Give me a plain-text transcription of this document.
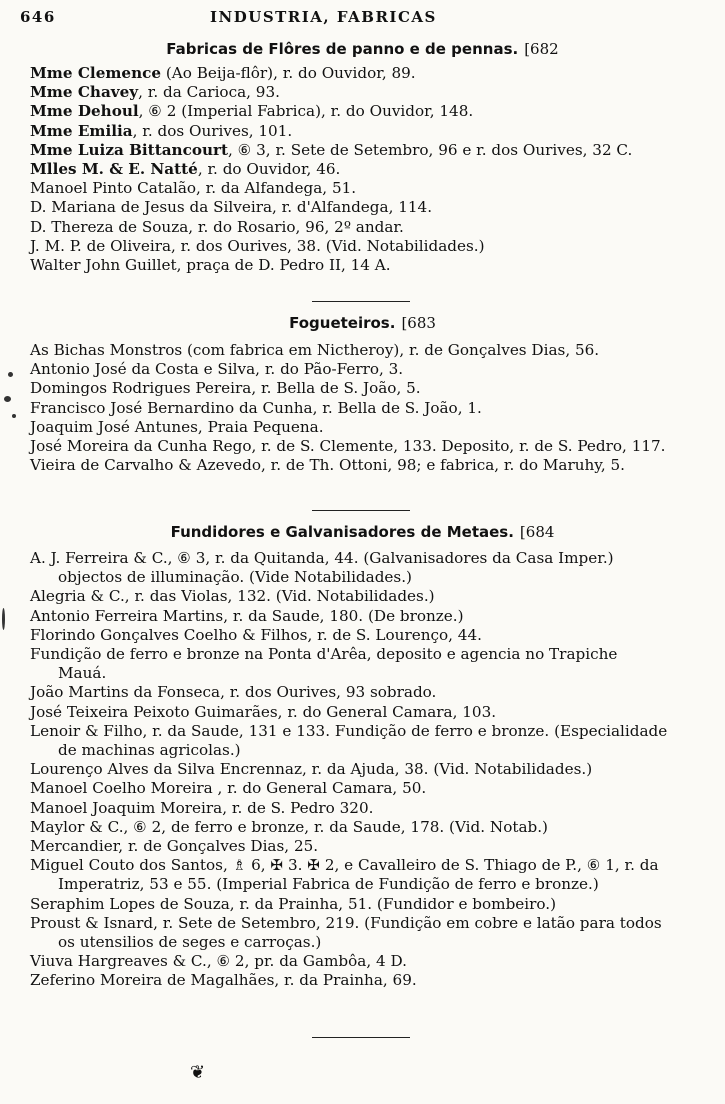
646	INDUSTRIA, FABRICAS
Fabricas de Flôres de panno e de pennas. [682
Mme Clemence (Ao Beija-flôr), r. do Ouvidor, 89.
Mme Chavey, r. da Carioca, 93.
Mme Dehoul, ⑥ 2 (Imperial Fabrica), r. do Ouvidor, 148.
Mme Emilia, r. dos Ourives, 101.
Mme Luiza Bittancourt, ⑥ 3, r. Sete de Setembro, 96 e r. dos Ourives, 32 C.
Mlles M. & E. Natté, r. do Ouvidor, 46.
Manoel Pinto Catalão, r. da Alfandega, 51.
D. Mariana de Jesus da Silveira, r. d'Alfandega, 114.
D. Thereza de Souza, r. do Rosario, 96, 2º andar.
J. M. P. de Oliveira, r. dos Ourives, 38. (Vid. Notabilidades.)
Walter John Guillet, praça de D. Pedro II, 14 A.
Fogueteiros. [683
As Bichas Monstros (com fabrica em Nictheroy), r. de Gonçalves Dias, 56.
Antonio José da Costa e Silva, r. do Pão-Ferro, 3.
Domingos Rodrigues Pereira, r. Bella de S. João, 5.
Francisco José Bernardino da Cunha, r. Bella de S. João, 1.
Joaquim José Antunes, Praia Pequena.
José Moreira da Cunha Rego, r. de S. Clemente, 133. Deposito, r. de S. Pedro, 117.
Vieira de Carvalho & Azevedo, r. de Th. Ottoni, 98; e fabrica, r. do Maruhy, 5.
Fundidores e Galvanisadores de Metaes. [684
A. J. Ferreira & C., ⑥ 3, r. da Quitanda, 44. (Galvanisadores da Casa Imper.) objectos de illuminação. (Vide Notabilidades.)
Alegria & C., r. das Violas, 132. (Vid. Notabilidades.)
Antonio Ferreira Martins, r. da Saude, 180. (De bronze.)
Florindo Gonçalves Coelho & Filhos, r. de S. Lourenço, 44.
Fundição de ferro e bronze na Ponta d'Arêa, deposito e agencia no Trapiche Mauá.
João Martins da Fonseca, r. dos Ourives, 93 sobrado.
José Teixeira Peixoto Guimarães, r. do General Camara, 103.
Lenoir & Filho, r. da Saude, 131 e 133. Fundição de ferro e bronze. (Especialidade de machinas agricolas.)
Lourenço Alves da Silva Encrennaz, r. da Ajuda, 38. (Vid. Notabilidades.)
Manoel Coelho Moreira , r. do General Camara, 50.
Manoel Joaquim Moreira, r. de S. Pedro 320.
Maylor & C., ⑥ 2, de ferro e bronze, r. da Saude, 178. (Vid. Notab.)
Mercandier, r. de Gonçalves Dias, 25.
Miguel Couto dos Santos, ♗ 6, ✠ 3. ✠ 2, e Cavalleiro de S. Thiago de P., ⑥ 1, r. da Imperatriz, 53 e 55. (Imperial Fabrica de Fundição de ferro e bronze.)
Seraphim Lopes de Souza, r. da Prainha, 51. (Fundidor e bombeiro.)
Proust & Isnard, r. Sete de Setembro, 219. (Fundição em cobre e latão para todos os utensilios de seges e carroças.)
Viuva Hargreaves & C., ⑥ 2, pr. da Gambôa, 4 D.
Zeferino Moreira de Magalhães, r. da Prainha, 69.
❦
